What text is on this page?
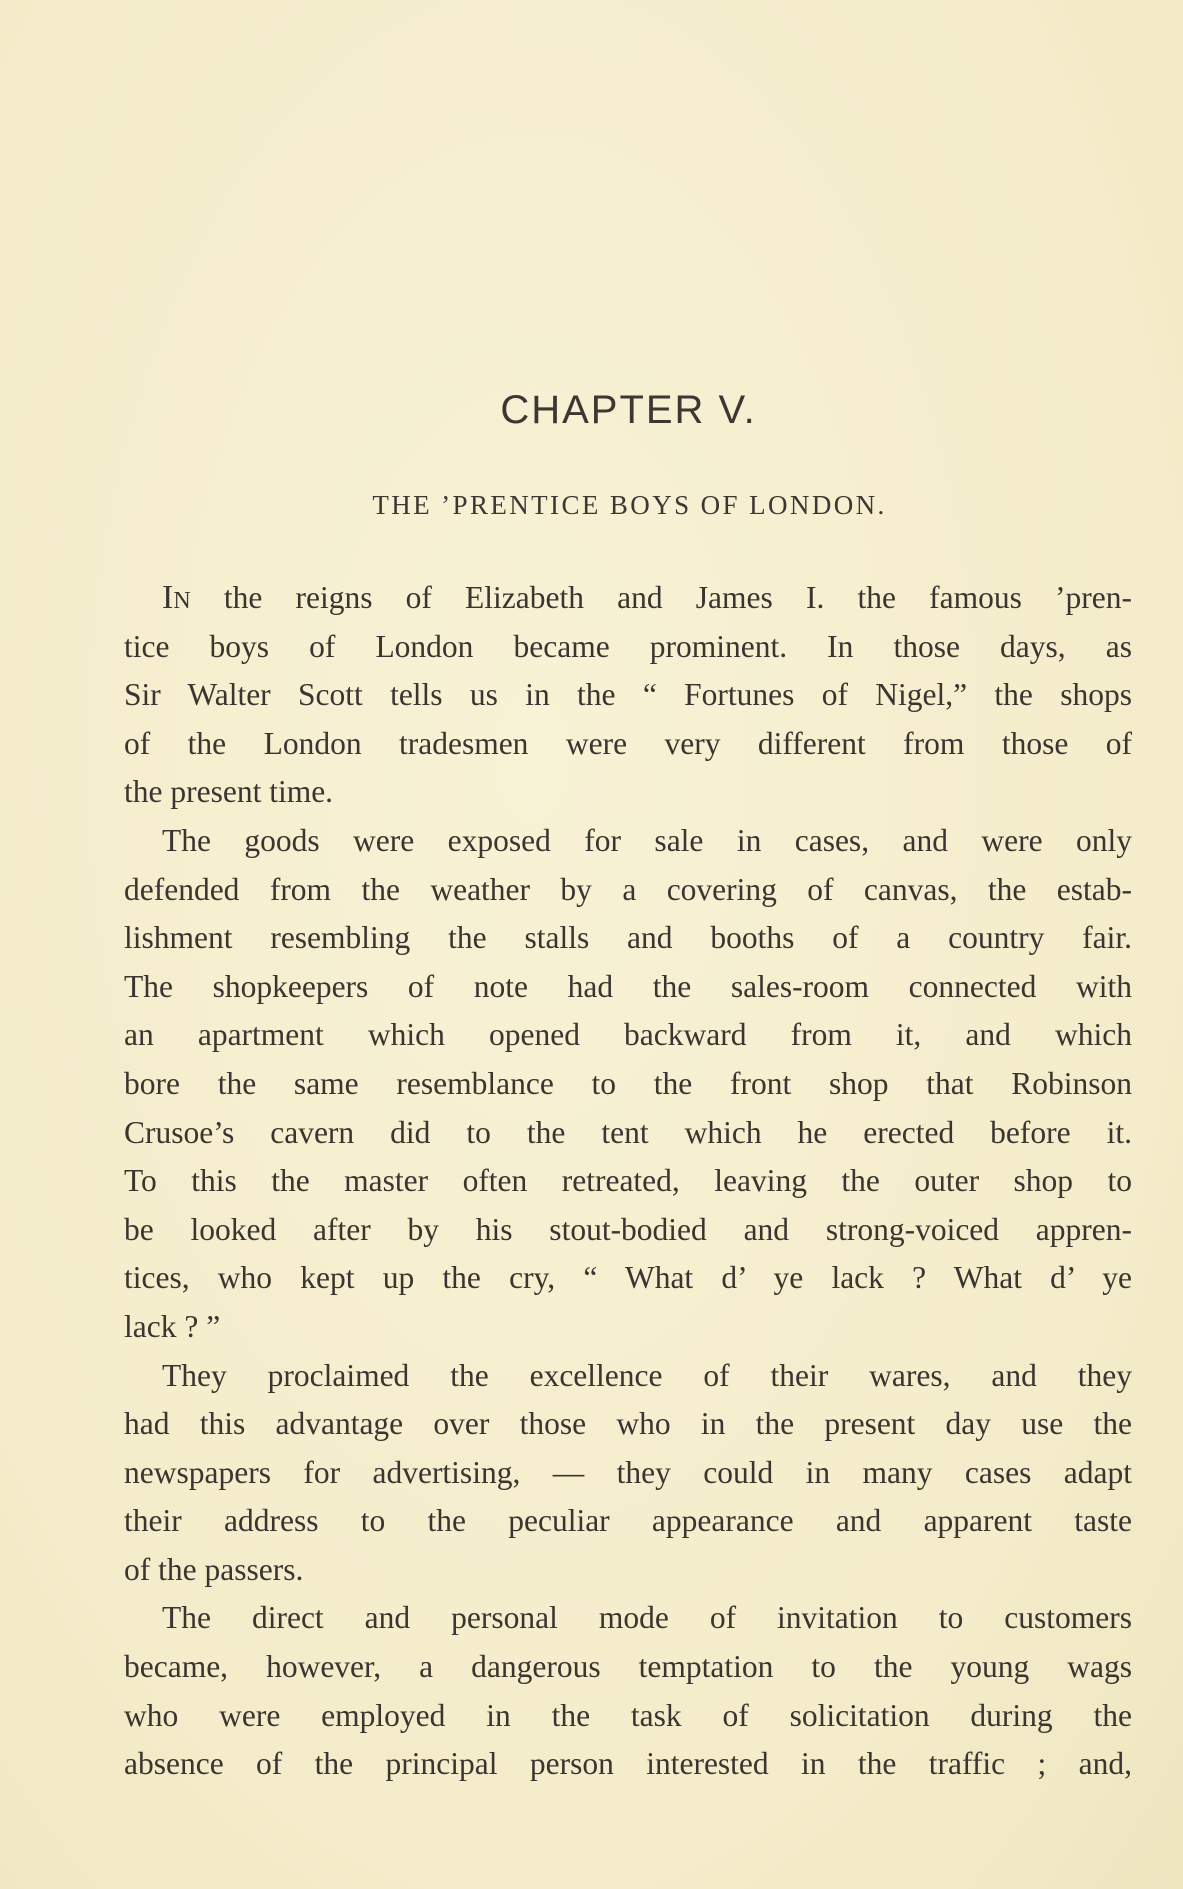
CHAPTER V.
THE ’PRENTICE BOYS OF LONDON.
In the reigns of Elizabeth and James I. the famous ’pren-
tice boys of London became prominent. In those days, as
Sir Walter Scott tells us in the “ Fortunes of Nigel,” the shops
of the London tradesmen were very different from those of
the present time.
The goods were exposed for sale in cases, and were only
defended from the weather by a covering of canvas, the estab-
lishment resembling the stalls and booths of a country fair.
The shopkeepers of note had the sales-room connected with
an apartment which opened backward from it, and which
bore the same resemblance to the front shop that Robinson
Crusoe’s cavern did to the tent which he erected before it.
To this the master often retreated, leaving the outer shop to
be looked after by his stout-bodied and strong-voiced appren-
tices, who kept up the cry, “ What d’ ye lack ? What d’ ye
lack ? ”
They proclaimed the excellence of their wares, and they
had this advantage over those who in the present day use the
newspapers for advertising, — they could in many cases adapt
their address to the peculiar appearance and apparent taste
of the passers.
The direct and personal mode of invitation to customers
became, however, a dangerous temptation to the young wags
who were employed in the task of solicitation during the
absence of the principal person interested in the traffic ; and,
